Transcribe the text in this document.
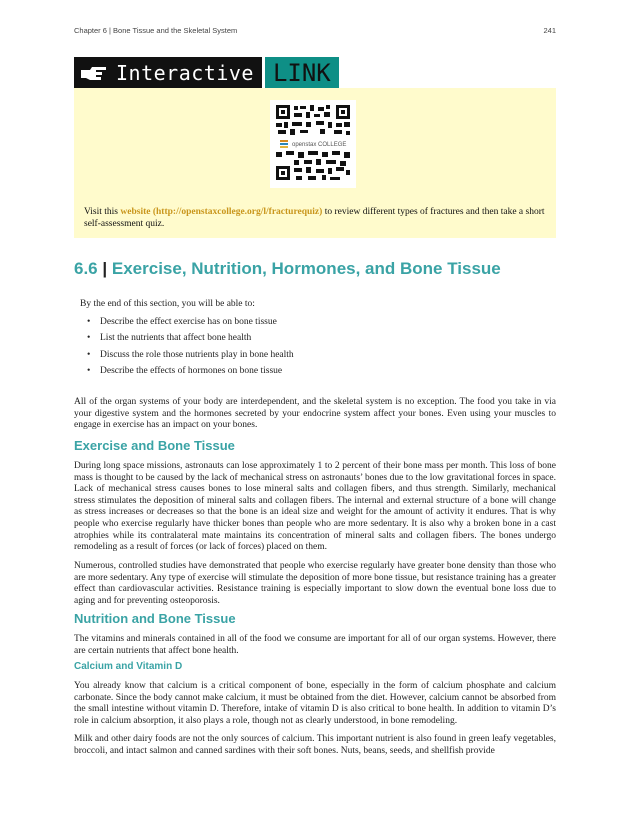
Chapter 6 | Bone Tissue and the Skeletal System	241
Interactive LINK
openstax COLLEGE

Visit this website (http://openstaxcollege.org/l/fracturequiz) to review different types of fractures and then take a short self-assessment quiz.

6.6 | Exercise, Nutrition, Hormones, and Bone Tissue
By the end of this section, you will be able to:
• Describe the effect exercise has on bone tissue
• List the nutrients that affect bone health
• Discuss the role those nutrients play in bone health
• Describe the effects of hormones on bone tissue

All of the organ systems of your body are interdependent, and the skeletal system is no exception. The food you take in via your digestive system and the hormones secreted by your endocrine system affect your bones. Even using your muscles to engage in exercise has an impact on your bones.

Exercise and Bone Tissue

During long space missions, astronauts can lose approximately 1 to 2 percent of their bone mass per month. This loss of bone mass is thought to be caused by the lack of mechanical stress on astronauts’ bones due to the low gravitational forces in space. Lack of mechanical stress causes bones to lose mineral salts and collagen fibers, and thus strength. Similarly, mechanical stress stimulates the deposition of mineral salts and collagen fibers. The internal and external structure of a bone will change as stress increases or decreases so that the bone is an ideal size and weight for the amount of activity it endures. That is why people who exercise regularly have thicker bones than people who are more sedentary. It is also why a broken bone in a cast atrophies while its contralateral mate maintains its concentration of mineral salts and collagen fibers. The bones undergo remodeling as a result of forces (or lack of forces) placed on them.

Numerous, controlled studies have demonstrated that people who exercise regularly have greater bone density than those who are more sedentary. Any type of exercise will stimulate the deposition of more bone tissue, but resistance training has a greater effect than cardiovascular activities. Resistance training is especially important to slow down the eventual bone loss due to aging and for preventing osteoporosis.

Nutrition and Bone Tissue

The vitamins and minerals contained in all of the food we consume are important for all of our organ systems. However, there are certain nutrients that affect bone health.

Calcium and Vitamin D

You already know that calcium is a critical component of bone, especially in the form of calcium phosphate and calcium carbonate. Since the body cannot make calcium, it must be obtained from the diet. However, calcium cannot be absorbed from the small intestine without vitamin D. Therefore, intake of vitamin D is also critical to bone health. In addition to vitamin D’s role in calcium absorption, it also plays a role, though not as clearly understood, in bone remodeling.

Milk and other dairy foods are not the only sources of calcium. This important nutrient is also found in green leafy vegetables, broccoli, and intact salmon and canned sardines with their soft bones. Nuts, beans, seeds, and shellfish provide
